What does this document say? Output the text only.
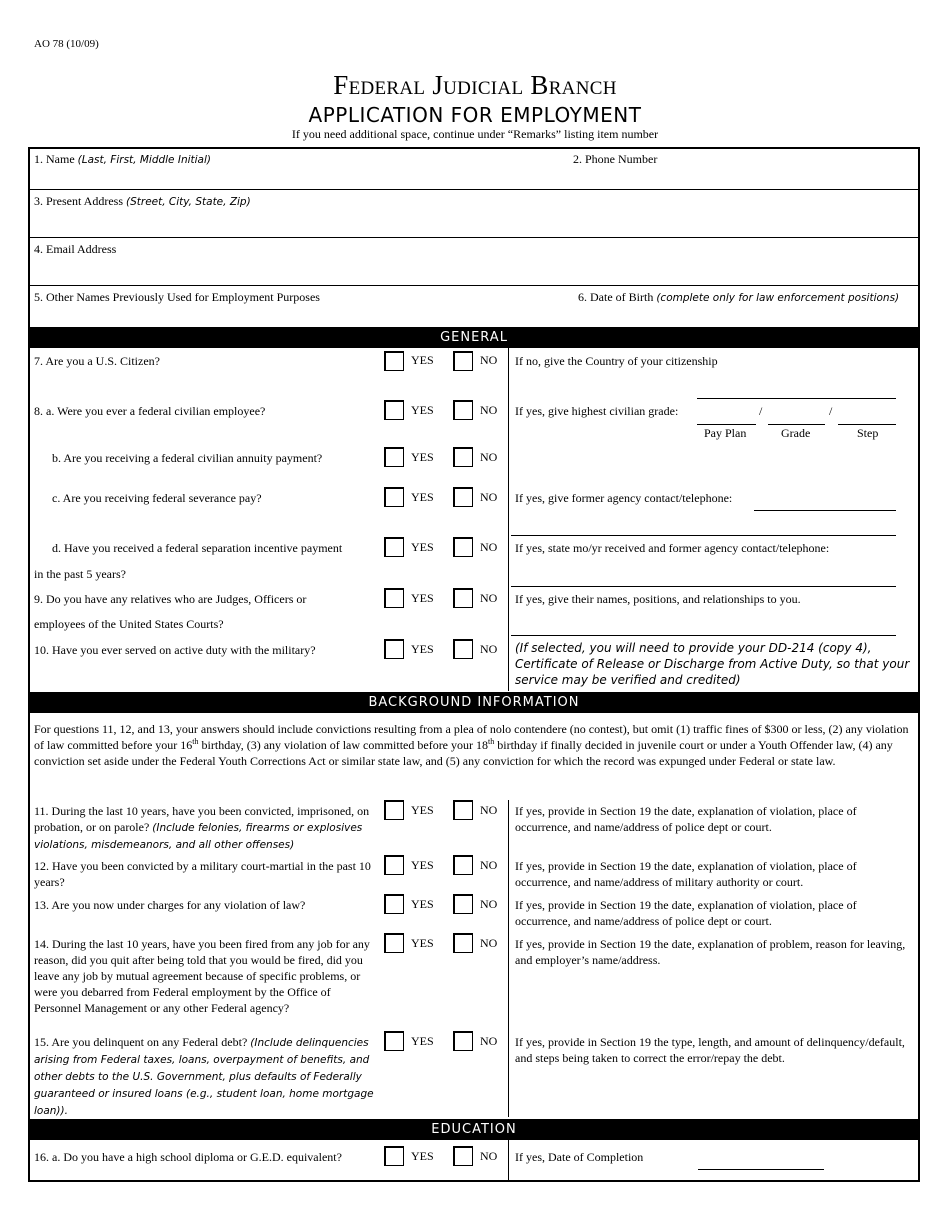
AO 78 (10/09)
Federal Judicial Branch
APPLICATION FOR EMPLOYMENT
If you need additional space, continue under “Remarks” listing item number
1. Name (Last, First, Middle Initial)	2. Phone Number
3. Present Address (Street, City, State, Zip)
4. Email Address
5. Other Names Previously Used for Employment Purposes	6. Date of Birth (complete only for law enforcement positions)
GENERAL
7. Are you a U.S. Citizen?	YES	NO If no, give the Country of your citizenship
8. a. Were you ever a federal civilian employee?	YES	NO If yes, give highest civilian grade:	/	/
Pay Plan	Grade	Step
b. Are you receiving a federal civilian annuity payment?	YES	NO
c. Are you receiving federal severance pay?	YES	NO If yes, give former agency contact/telephone:
d. Have you received a federal separation incentive payment
in the past 5 years?
YES	NO If yes, state mo/yr received and former agency contact/telephone:
9. Do you have any relatives who are Judges, Officers or
employees of the United States Courts?
YES	NO If yes, give their names, positions, and relationships to you.
10. Have you ever served on active duty with the military?	YES	NO (If selected, you will need to provide your DD-214 (copy 4), Certificate of Release or Discharge from Active Duty, so that your service may be verified and credited)
BACKGROUND INFORMATION
For questions 11, 12, and 13, your answers should include convictions resulting from a plea of nolo contendere (no contest), but omit (1) traffic fines of $300 or less, (2) any violation of law committed before your 16th birthday, (3) any violation of law committed before your 18th birthday if finally decided in juvenile court or under a Youth Offender law, (4) any conviction set aside under the Federal Youth Corrections Act or similar state law, and (5) any conviction for which the record was expunged under Federal or state law.
11. During the last 10 years, have you been convicted, imprisoned, on probation, or on parole? (Include felonies, firearms or explosives violations, misdemeanors, and all other offenses)
YES	NO If yes, provide in Section 19 the date, explanation of violation, place of occurrence, and name/address of police dept or court.
12. Have you been convicted by a military court-martial in the past 10 years?
YES	NO If yes, provide in Section 19 the date, explanation of violation, place of occurrence, and name/address of military authority or court.
13. Are you now under charges for any violation of law?	YES	NO If yes, provide in Section 19 the date, explanation of violation, place of occurrence, and name/address of police dept or court.
14. During the last 10 years, have you been fired from any job for any reason, did you quit after being told that you would be fired, did you leave any job by mutual agreement because of specific problems, or were you debarred from Federal employment by the Office of Personnel Management or any other Federal agency?
YES	NO If yes, provide in Section 19 the date, explanation of problem, reason for leaving, and employer’s name/address.
15. Are you delinquent on any Federal debt? (Include delinquencies arising from Federal taxes, loans, overpayment of benefits, and other debts to the U.S. Government, plus defaults of Federally guaranteed or insured loans (e.g., student loan, home mortgage loan)).
YES	NO If yes, provide in Section 19 the type, length, and amount of delinquency/default, and steps being taken to correct the error/repay the debt.
EDUCATION
16. a. Do you have a high school diploma or G.E.D. equivalent?	YES	NO If yes, Date of Completion
